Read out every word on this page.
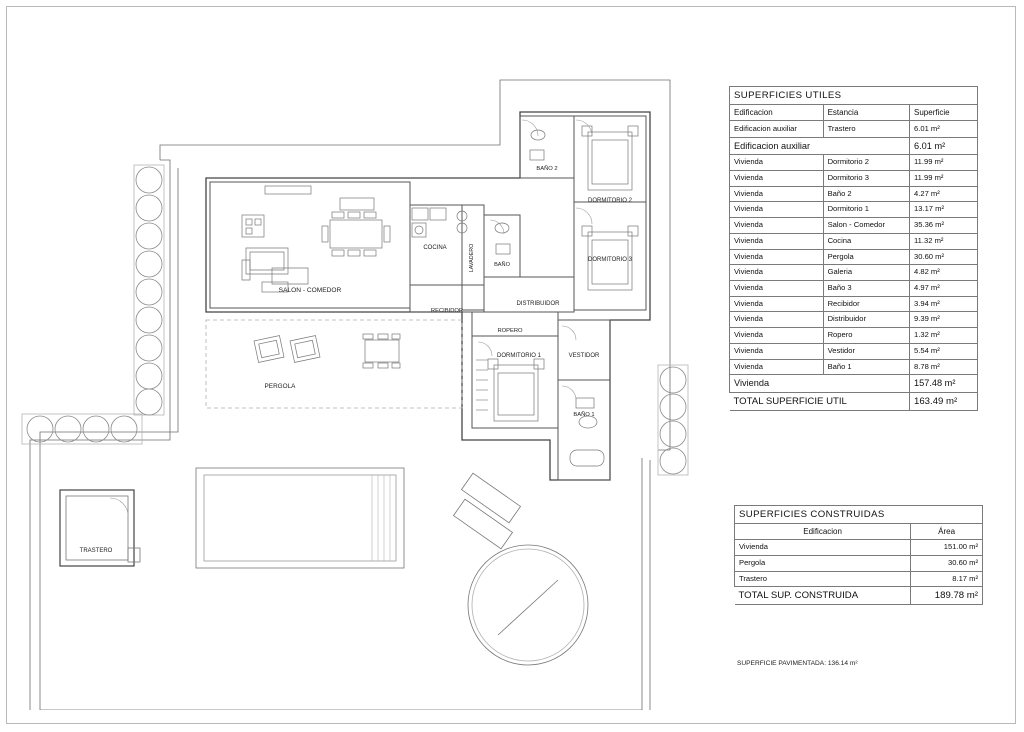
SALON - COMEDOR
COCINA	LAVADERO	BAÑO
BAÑO 2
DORMITORIO 2
DORMITORIO 3
DISTRIBUIDOR
RECIBIDOR
ROPERO
DORMITORIO 1	VESTIDOR
BAÑO 1
PERGOLA
TRASTERO
SUPERFICIES UTILES		
Edificacion	Estancia	Superficie
Edificacion auxiliar	Trastero	6.01 m²
Edificacion auxiliar		6.01 m²
Vivienda	Dormitorio 2	11.99 m²
Vivienda	Dormitorio 3	11.99 m²
Vivienda	Baño 2	4.27 m²
Vivienda	Dormitorio 1	13.17 m²
Vivienda	Salon - Comedor	35.36 m²
Vivienda	Cocina	11.32 m²
Vivienda	Pergola	30.60 m²
Vivienda	Galeria	4.82 m²
Vivienda	Baño 3	4.97 m²
Vivienda	Recibidor	3.94 m²
Vivienda	Distribuidor	9.39 m²
Vivienda	Ropero	1.32 m²
Vivienda	Vestidor	5.54 m²
Vivienda	Baño 1	8.78 m²
Vivienda		157.48 m²
TOTAL SUPERFICIE UTIL		163.49 m²
SUPERFICIES CONSTRUIDAS	
Edificacion	Área
Vivienda	151.00 m²
Pergola	30.60 m²
Trastero	8.17 m²
TOTAL SUP. CONSTRUIDA	189.78 m²
SUPERFICIE PAVIMENTADA: 136.14 m²
